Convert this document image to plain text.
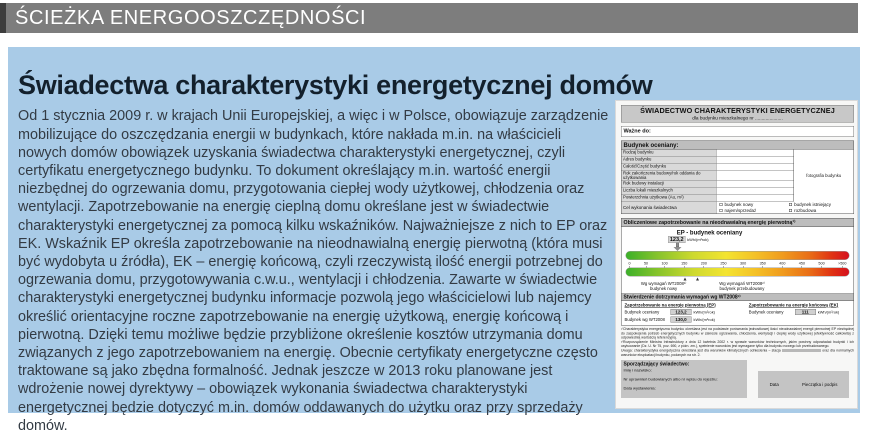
ŚCIEŻKA ENERGOOSZCZĘDNOŚCI
Świadectwa charakterystyki energetycznej domów

Od 1 stycznia 2009 r. w krajach Unii Europejskiej, a więc i w Polsce, obowiązuje zarządzenie mobilizujące do oszczędzania energii w budynkach, które nakłada m.in. na właścicieli nowych domów obowiązek uzyskania świadectwa charakterystyki energetycznej, czyli certyfikatu energetycznego budynku. To dokument określający m.in. wartość energii niezbędnej do ogrzewania domu, przygotowania ciepłej wody użytkowej, chłodzenia oraz wentylacji. Zapotrzebowanie na energię cieplną domu określane jest w świadectwie charakterystyki energetycznej za pomocą kilku wskaźników. Najważniejsze z nich to EP oraz EK. Wskaźnik EP określa zapotrzebowanie na nieodnawialną energię pierwotną (która musi być wydobyta u źródła), EK – energię końcową, czyli rzeczywistą ilość energii potrzebnej do ogrzewania domu, przygotowywania c.w.u., wentylacji i chłodzenia. Zawarte w świadectwie charakterystyki energetycznej budynku informacje pozwolą jego właścicielowi lub najemcy określić orientacyjne roczne zapotrzebowanie na energię użytkową, energię końcową i pierwotną. Dzięki temu możliwe będzie przybliżone określenie kosztów utrzymania domu związanych z jego zapotrzebowaniem na energię. Obecnie certyfikaty energetyczne często traktowane są jako zbędna formalność. Jednak jeszcze w 2013 roku planowane jest wdrożenie nowej dyrektywy – obowiązek wykonania świadectwa charakterystyki energetycznej będzie dotyczyć m.in. domów oddawanych do użytku oraz przy sprzedaży domów.

ŚWIADECTWO CHARAKTERYSTYKI ENERGETYCZNEJ
dla budynku mieszkalnego nr .....................
Ważne do:
Budynek oceniany:
Rodzaj budynku
Adres budynku
Całość/Część budynku
Rok zakończenia budowy/rok oddania do użytkowania
Rok budowy instalacji
Liczba lokali mieszkalnych
Powierzchnia użytkowa (Au, m²)
fotografia budynku
Cel wykonania świadectwa
budynek nowy	budynek istniejący
najem/sprzedaż	rozbudowa
Obliczeniowe zapotrzebowanie na nieodnawialną energię pierwotną¹⁾
EP - budynek oceniany
123,2 kWh/(m²rok)
0 50 100 150 200 250 300 350 400 450 500 >500
Wg wymagań WT2008¹⁾
budynek nowy
Wg wymagań WT2008²⁾
budynek przebudowany
Stwierdzenie dotrzymania wymagań wg WT2008²⁾
Zapotrzebowanie na energię pierwotną (EP)
Budynek oceniany	123,2 kWh/(m²rok)
Budynek wg WT2008	130,0 kWh/(m²rok)
Zapotrzebowanie na energię końcową (EK)
Budynek oceniany	111	kWh/(m²rok)
¹⁾Charakterystyka energetyczna budynku określana jest na podstawie porównania jednostkowej ilości nieodnawialnej energii pierwotnej EP niezbędnej do zaspokojenia potrzeb energetycznych budynku w zakresie ogrzewania, chłodzenia, wentylacji i ciepłej wody użytkowej (efektywność całkowita) z odpowiednią wartością referencyjną.
²⁾Rozporządzenie Ministra Infrastruktury z dnia 12 kwietnia 2002 r. w sprawie warunków technicznych, jakim powinny odpowiadać budynki i ich usytuowanie (Dz. U. Nr 75, poz. 690, z późn. zm.), spełnienie warunków jest wymagane tylko dla budynku nowego lub przebudowanego.
Uwaga: charakterystyka energetyczna określana jest dla warunków klimatycznych odniesienia – stacja	oraz dla normalnych warunków eksploatacji budynku, podanych na str. 2.
Sporządzający świadectwo:
Imię i nazwisko:
Nr uprawnień budowlanych albo nr wpisu do rejestru:
Data wystawienia:
Data	Pieczątka i podpis
